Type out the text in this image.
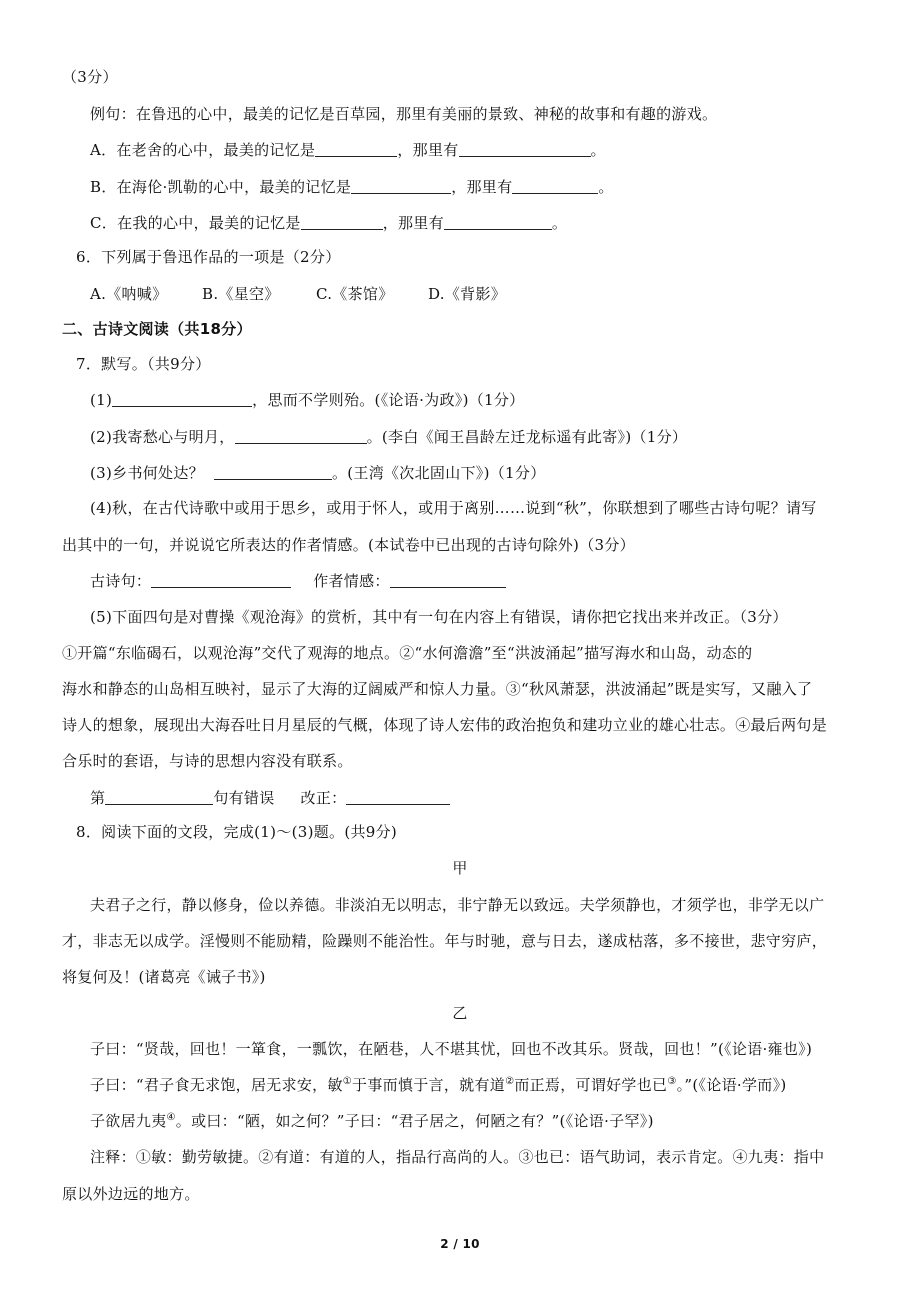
（3分）
例句：在鲁迅的心中，最美的记忆是百草园，那里有美丽的景致、神秘的故事和有趣的游戏。
A．在老舍的心中，最美的记忆是	，那里有	。
B．在海伦·凯勒的心中，最美的记忆是	，那里有	。
C．在我的心中，最美的记忆是	，那里有	。
6．下列属于鲁迅作品的一项是（2分）
A.《呐喊》 B.《星空》 C.《茶馆》 D.《背影》
二、古诗文阅读（共18分）
7．默写。（共9分）
(1)	，思而不学则殆。(《论语·为政》)（1分）
(2)我寄愁心与明月，	。(李白《闻王昌龄左迁龙标遥有此寄》)（1分）
(3)乡书何处达？	。(王湾《次北固山下》)（1分）
(4)秋，在古代诗歌中或用于思乡，或用于怀人，或用于离别……说到“秋”，你联想到了哪些古诗句呢？请写
出其中的一句，并说说它所表达的作者情感。(本试卷中已出现的古诗句除外)（3分）
古诗句：	作者情感：
(5)下面四句是对曹操《观沧海》的赏析，其中有一句在内容上有错误，请你把它找出来并改正。（3分）
①开篇“东临碣石，以观沧海”交代了观海的地点。②“水何澹澹”至“洪波涌起”描写海水和山岛，动态的
海水和静态的山岛相互映衬，显示了大海的辽阔威严和惊人力量。③“秋风萧瑟，洪波涌起”既是实写，又融入了
诗人的想象，展现出大海吞吐日月星辰的气概，体现了诗人宏伟的政治抱负和建功立业的雄心壮志。④最后两句是
合乐时的套语，与诗的思想内容没有联系。
第	句有错误 改正：
8．阅读下面的文段，完成(1)～(3)题。(共9分)
甲
夫君子之行，静以修身，俭以养德。非淡泊无以明志，非宁静无以致远。夫学须静也，才须学也，非学无以广
才，非志无以成学。淫慢则不能励精，险躁则不能治性。年与时驰，意与日去，遂成枯落，多不接世，悲守穷庐，
将复何及！(诸葛亮《诫子书》)
乙
子曰：“贤哉，回也！一箪食，一瓢饮，在陋巷，人不堪其忧，回也不改其乐。贤哉，回也！”(《论语·雍也》)
子曰：“君子食无求饱，居无求安，敏①于事而慎于言，就有道②而正焉，可谓好学也已③。”(《论语·学而》)
子欲居九夷④。或曰：“陋，如之何？”子曰：“君子居之，何陋之有？”(《论语·子罕》)
注释：①敏：勤劳敏捷。②有道：有道的人，指品行高尚的人。③也已：语气助词，表示肯定。④九夷：指中
原以外边远的地方。
2 / 10
